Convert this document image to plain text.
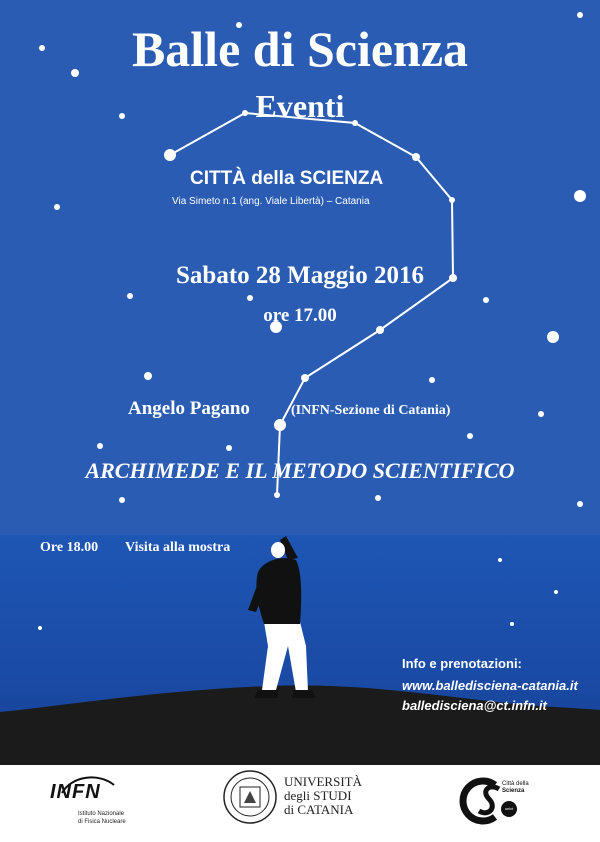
Balle di Scienza
Eventi
CITTÀ della SCIENZA
Via Simeto n.1 (ang. Viale Libertà) – Catania
Sabato 28 Maggio 2016
ore 17.00
Angelo Pagano	(INFN-Sezione di Catania)
ARCHIMEDE E IL METODO SCIENTIFICO
Ore 18.00 Visita alla mostra
Info e prenotazioni:
www.balledisciena-catania.it
balledisciena@ct.infn.it
INFN
Istituto Nazionale
di Fisica Nucleare
UNIVERSITÀ
degli STUDI
di CATANIA
Città della
Scienza
unict
